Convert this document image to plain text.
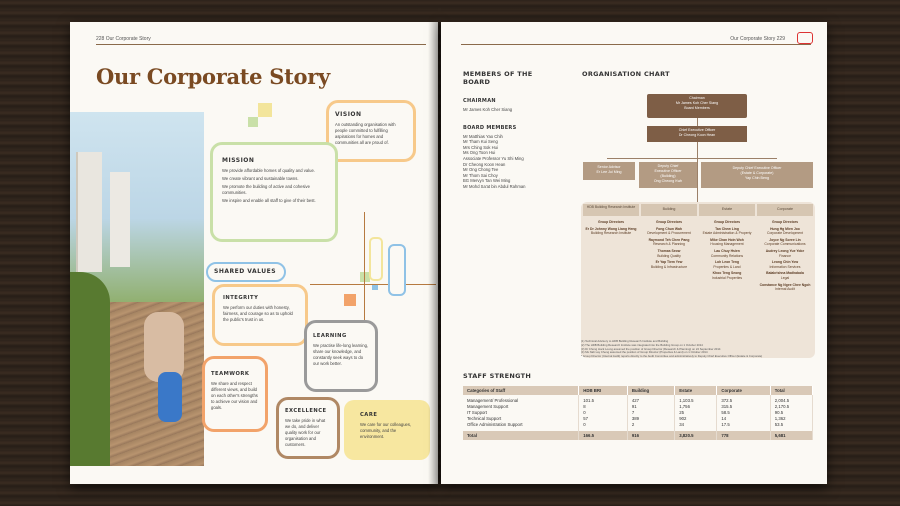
228 Our Corporate Story
Our Corporate Story
VISION
An outstanding organisation with people committed to fulfilling aspirations for homes and communities all are proud of.
MISSION
We provide affordable homes of quality and value.
We create vibrant and sustainable towns.
We promote the building of active and cohesive communities.
We inspire and enable all staff to give of their best.
SHARED VALUES
INTEGRITY
We perform our duties with honesty, fairness, and courage so as to uphold the public's trust in us.
LEARNING
We practise life-long learning, share our knowledge, and constantly seek ways to do our work better.
TEAMWORK
We share and respect different views, and build on each other's strengths to achieve our vision and goals.
EXCELLENCE
We take pride in what we do, and deliver quality work for our organisation and customers.
CARE
We care for our colleagues, community, and the environment.
Our Corporate Story 229
MEMBERS OF THE BOARD
CHAIRMAN
Mr James Koh Cher Siang
BOARD MEMBERS
Mr Matthias Yao Chih
Mr Tham Kui Seng
Mrs Ching Sok Hui
Ms Ong Toon Hui
Associate Professor Yu Shi Ming
Dr Cheong Koon Hean
Mr Ong Chong Tee
Mr Thom Sai Choy
BG Mervyn Tan Wei Ming
Mr Mohd Sa'at bin Abdul Rahman
ORGANISATION CHART
Chairman
Mr James Koh Cher Siang
Board Members
Chief Executive Officer
Dr Cheong Koon Hean
Senior Advisor
Er Lee Jui Ming
Deputy Chief
Executive Officer
(Building)
Ong Cheong Kwh
Deputy Chief Executive Officer
(Estate & Corporate)
Yap Chin Beng
HDB Building Research Institute	Building	Estate	Corporate
Group Directors
Er Dr Johnny Wong Liang Heng
Building Research Institute
Group Directors
Fong Chun Wah
Development & Procurement
Raymond Teh Chen Pang
Research & Planning
Thomas Seow
Building Quality
Er Yap Tiem Yew
Building & Infrastructure
Group Directors
Tan Chew Ling
Estate Administration & Property
Mike Chan Hoin Woh
Housing Management
Lau Chuy Hsien
Community Relations
Loh Leon Teng
Properties & Land
Khoo Teng Seong
Industrial Properties
Group Directors
Hung Hg Mien Joo
Corporate Development
Joyce Ng Soree Lin
Corporate Communications
Audrey Leong Yue Yoke
Finance
Leong Chin Yow
Information Services
Balakrishna Madhabala
Legal
Constance Ng Ngee Chee Ngoh
Internal Audit
(1) Technical Advisory to HDB Building Research Institute and Building
(2) The HDB Building Research Institute was integrated into the Building Group on 1 October 2014
(3) Dr Chong Hock Loong assumed the position of Group Director (Research & Planning) on 22 September 2014
(4) Ms Nah Lay Cheng assumed the position of Group Director (Properties & Land) on 1 October 2014
* Group Director (Internal Audit) reports directly to the Audit Committee and administratively to Deputy Chief Executive Officer (Estate & Corporate)
STAFF STRENGTH
Categories of Staff	HDB BRI	Building	Estate	Corporate	Total
Management/ Professional	101.5	427	1,103.5	372.5	2,004.5
Management Support	8	91	1,756	315.5	2,170.5
IT Support	0	7	25	58.5	90.5
Technical Support	57	389	902	14	1,362
Office Administration Support	0	2	34	17.5	53.5
Total	166.5	916	3,820.5	778	5,681
